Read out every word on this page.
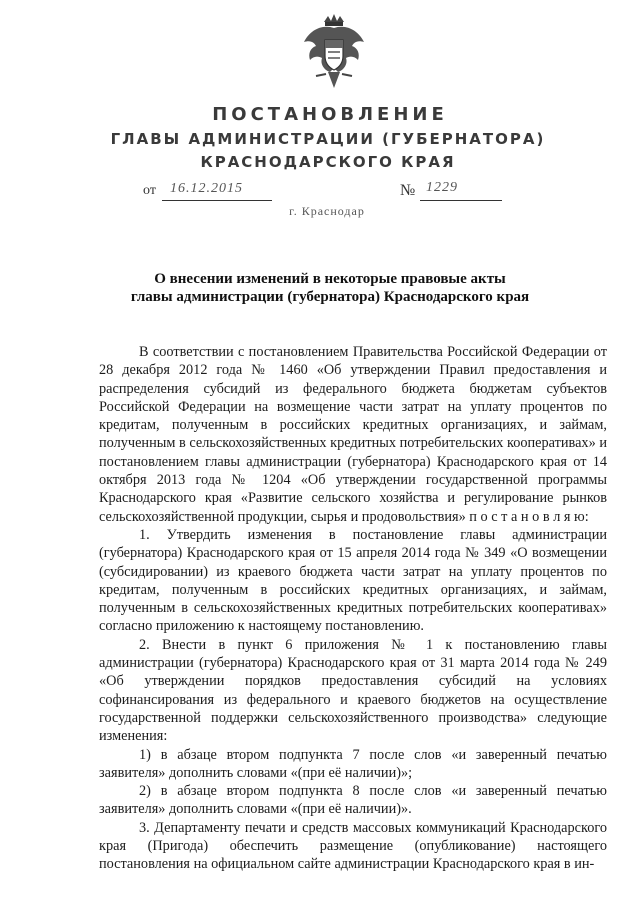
ПОСТАНОВЛЕНИЕ
ГЛАВЫ АДМИНИСТРАЦИИ (ГУБЕРНАТОРА)
КРАСНОДАРСКОГО КРАЯ
от 16.12.2015	№ 1229
г. Краснодар
О внесении изменений в некоторые правовые акты
главы администрации (губернатора) Краснодарского края

В соответствии с постановлением Правительства Российской Федерации от 28 декабря 2012 года № 1460 «Об утверждении Правил предоставления и распределения субсидий из федерального бюджета бюджетам субъектов Российской Федерации на возмещение части затрат на уплату процентов по кредитам, полученным в российских кредитных организациях, и займам, полученным в сельскохозяйственных кредитных потребительских кооперативах» и постановлением главы администрации (губернатора) Краснодарского края от 14 октября 2013 года № 1204 «Об утверждении государственной программы Краснодарского края «Развитие сельского хозяйства и регулирование рынков сельскохозяйственной продукции, сырья и продовольствия» п о с т а н о в л я ю:

1. Утвердить изменения в постановление главы администрации (губернатора) Краснодарского края от 15 апреля 2014 года № 349 «О возмещении (субсидировании) из краевого бюджета части затрат на уплату процентов по кредитам, полученным в российских кредитных организациях, и займам, полученным в сельскохозяйственных кредитных потребительских кооперативах» согласно приложению к настоящему постановлению.

2. Внести в пункт 6 приложения № 1 к постановлению главы администрации (губернатора) Краснодарского края от 31 марта 2014 года № 249 «Об утверждении порядков предоставления субсидий на условиях софинансирования из федерального и краевого бюджетов на осуществление государственной поддержки сельскохозяйственного производства» следующие изменения:

1) в абзаце втором подпункта 7 после слов «и заверенный печатью заявителя» дополнить словами «(при её наличии)»;

2) в абзаце втором подпункта 8 после слов «и заверенный печатью заявителя» дополнить словами «(при её наличии)».

3. Департаменту печати и средств массовых коммуникаций Краснодарского края (Пригода) обеспечить размещение (опубликование) настоящего постановления на официальном сайте администрации Краснодарского края в ин-
